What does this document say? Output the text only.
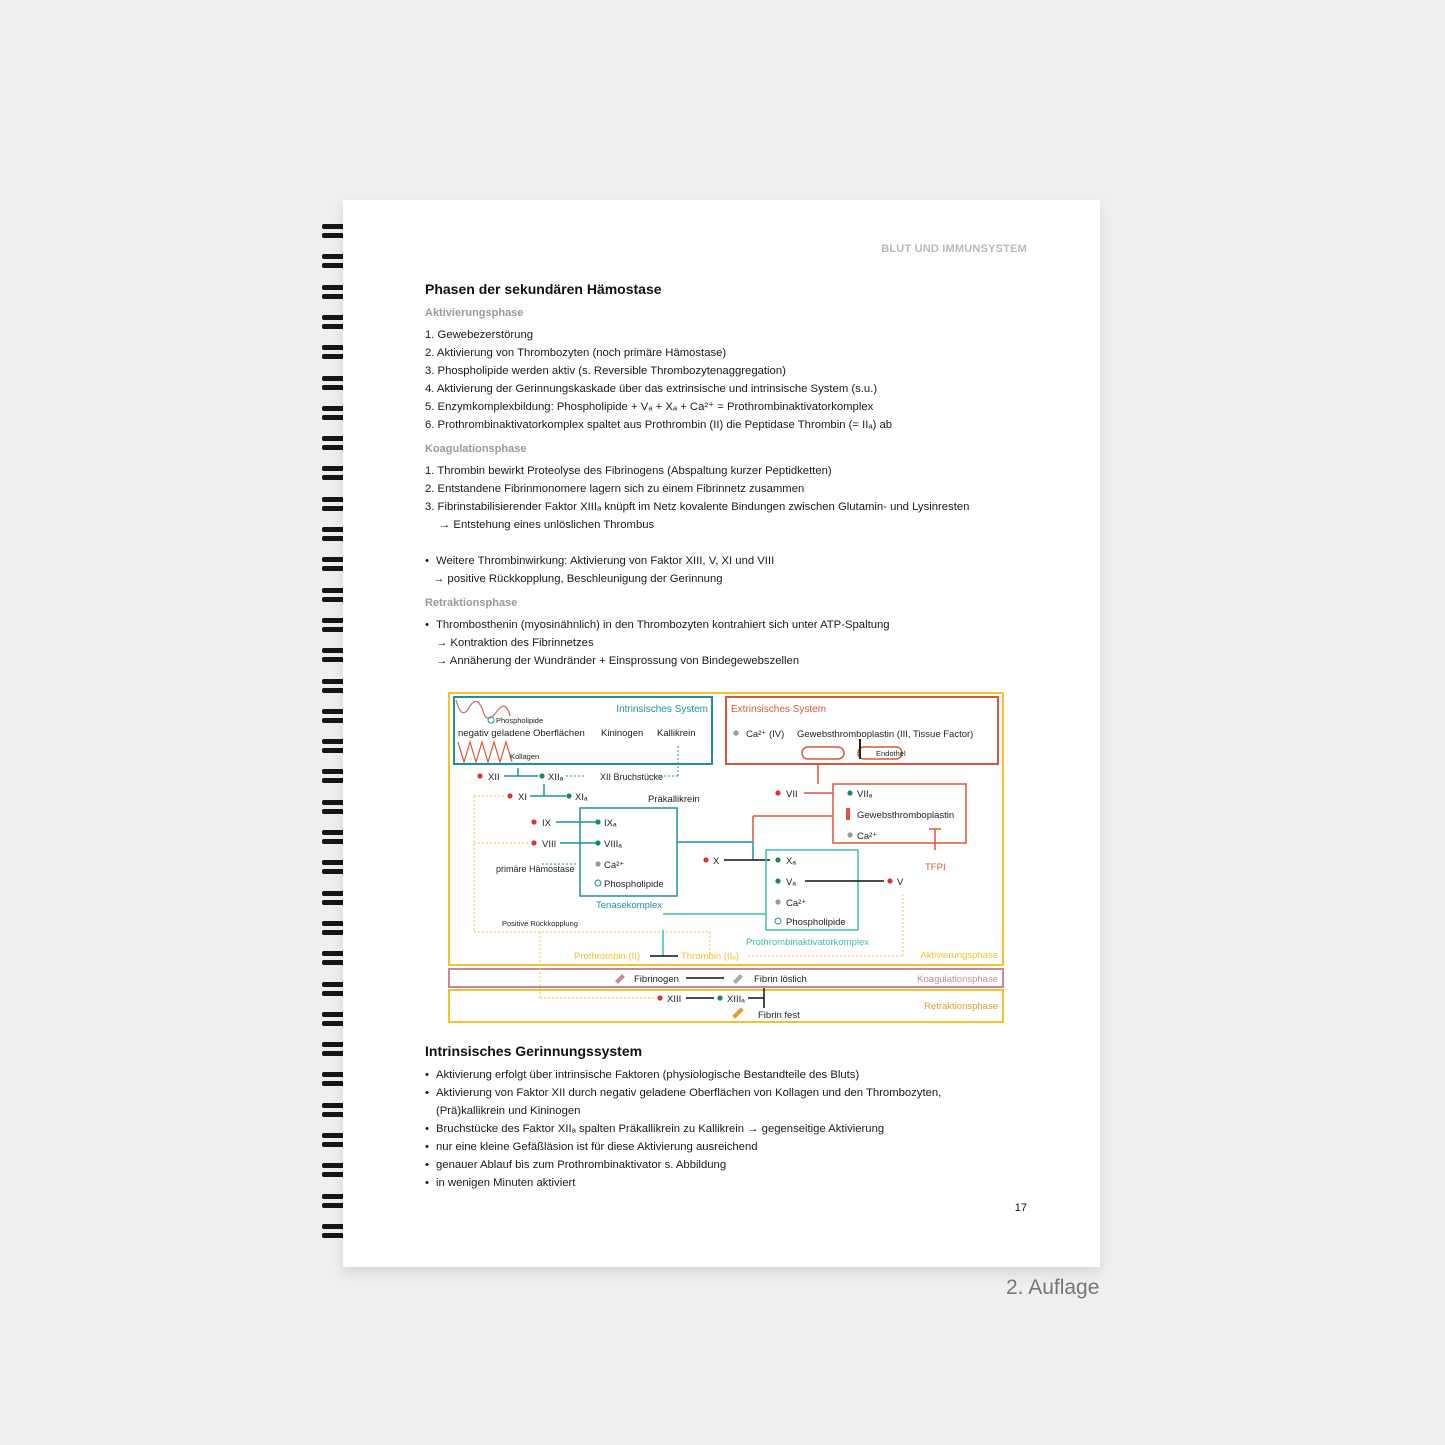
BLUT UND IMMUNSYSTEM
Phasen der sekundären Hämostase
Aktivierungsphase
1. Gewebezerstörung
2. Aktivierung von Thrombozyten (noch primäre Hämostase)
3. Phospholipide werden aktiv (s. Reversible Thrombozytenaggregation)
4. Aktivierung der Gerinnungskaskade über das extrinsische und intrinsische System (s.u.)
5. Enzymkomplexbildung: Phospholipide + Vₐ + Xₐ + Ca²⁺ = Prothrombinaktivatorkomplex
6. Prothrombinaktivatorkomplex spaltet aus Prothrombin (II) die Peptidase Thrombin (= IIₐ) ab
Koagulationsphase
1. Thrombin bewirkt Proteolyse des Fibrinogens (Abspaltung kurzer Peptidketten)
2. Entstandene Fibrinmonomere lagern sich zu einem Fibrinnetz zusammen
3. Fibrinstabilisierender Faktor XIIIₐ knüpft im Netz kovalente Bindungen zwischen Glutamin- und Lysinresten
→ Entstehung eines unlöslichen Thrombus
• Weitere Thrombinwirkung: Aktivierung von Faktor XIII, V, XI und VIII
→ positive Rückkopplung, Beschleunigung der Gerinnung
Retraktionsphase
• Thrombosthenin (myosinähnlich) in den Thrombozyten kontrahiert sich unter ATP-Spaltung
→ Kontraktion des Fibrinnetzes
→ Annäherung der Wundränder + Einsprossung von Bindegewebszellen
Intrinsisches System Extrinsisches System
Phospholipide
negativ geladene Oberflächen Kininogen Kallikrein
Kollagen
Ca²⁺ (IV) Gewebsthromboplastin (III, Tissue Factor)
Endothel
XII	XIIₐ	XII Bruchstücke
XI	XIₐ	Präkallikrein
IX	IXₐ
VIII	VIIIₐ
Ca²⁺
Phospholipide
primäre Hämostase
Tenasekomplex
VII	VIIₐ
Gewebsthromboplastin
Ca²⁺
TFPI
X	Xₐ
Vₐ	V
Ca²⁺
Phospholipide
Prothrombinaktivatorkomplex
Positive Rückkopplung
Prothrombin (II)	Thrombin (IIₐ)	Aktivierungsphase
Fibrinogen	Fibrin löslich	Koagulationsphase
XIII	XIIIₐ
Fibrin fest
Retraktionsphase
Intrinsisches Gerinnungssystem
• Aktivierung erfolgt über intrinsische Faktoren (physiologische Bestandteile des Bluts)
• Aktivierung von Faktor XII durch negativ geladene Oberflächen von Kollagen und den Thrombozyten,
(Prä)kallikrein und Kininogen
• Bruchstücke des Faktor XIIₐ spalten Präkallikrein zu Kallikrein → gegenseitige Aktivierung
• nur eine kleine Gefäßläsion ist für diese Aktivierung ausreichend
• genauer Ablauf bis zum Prothrombinaktivator s. Abbildung
• in wenigen Minuten aktiviert
17
2. Auflage
